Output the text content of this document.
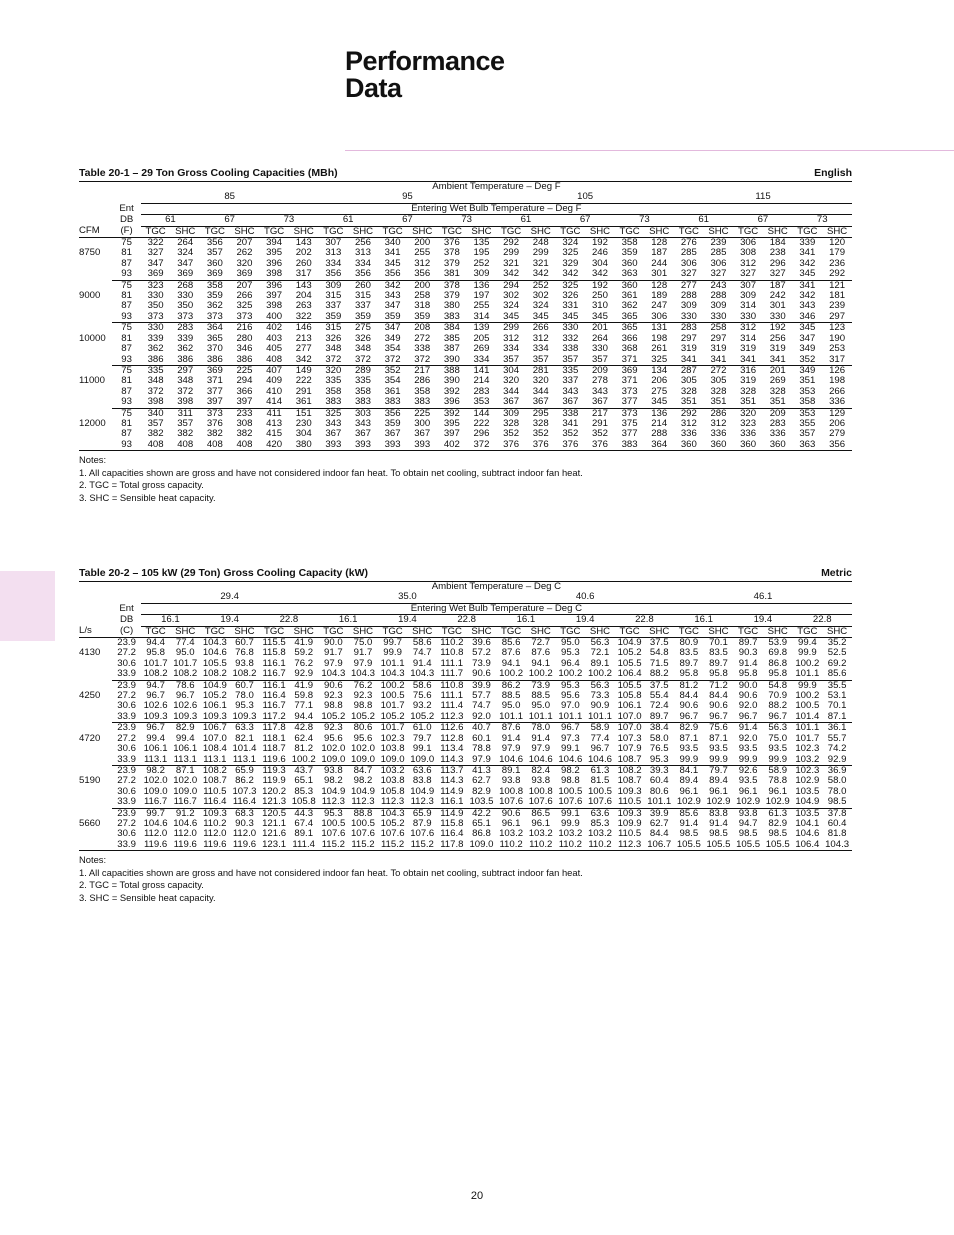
Performance
Data
Table 20-1 – 29 Ton Gross Cooling Capacities (MBh)	English
		Ambient Temperature – Deg F																							
		85						95						105						115					
	Ent	Entering Wet Bulb Temperature – Deg F																							
	DB	61		67		73		61		67		73		61		67		73		61		67		73	
CFM	(F)	TGC	SHC	TGC	SHC	TGC	SHC	TGC	SHC	TGC	SHC	TGC	SHC	TGC	SHC	TGC	SHC	TGC	SHC	TGC	SHC	TGC	SHC	TGC	SHC
	75	322	264	356	207	394	143	307	256	340	200	376	135	292	248	324	192	358	128	276	239	306	184	339	120
8750	81	327	324	357	262	395	202	313	313	341	255	378	195	299	299	325	246	359	187	285	285	308	238	341	179
	87	347	347	360	320	396	260	334	334	345	312	379	252	321	321	329	304	360	244	306	306	312	296	342	236
	93	369	369	369	369	398	317	356	356	356	356	381	309	342	342	342	342	363	301	327	327	327	327	345	292
	75	323	268	358	207	396	143	309	260	342	200	378	136	294	252	325	192	360	128	277	243	307	187	341	121
9000	81	330	330	359	266	397	204	315	315	343	258	379	197	302	302	326	250	361	189	288	288	309	242	342	181
	87	350	350	362	325	398	263	337	337	347	318	380	255	324	324	331	310	362	247	309	309	314	301	343	239
	93	373	373	373	373	400	322	359	359	359	359	383	314	345	345	345	345	365	306	330	330	330	330	346	297
	75	330	283	364	216	402	146	315	275	347	208	384	139	299	266	330	201	365	131	283	258	312	192	345	123
10000	81	339	339	365	280	403	213	326	326	349	272	385	205	312	312	332	264	366	198	297	297	314	256	347	190
	87	362	362	370	346	405	277	348	348	354	338	387	269	334	334	338	330	368	261	319	319	319	319	349	253
	93	386	386	386	386	408	342	372	372	372	372	390	334	357	357	357	357	371	325	341	341	341	341	352	317
	75	335	297	369	225	407	149	320	289	352	217	388	141	304	281	335	209	369	134	287	272	316	201	349	126
11000	81	348	348	371	294	409	222	335	335	354	286	390	214	320	320	337	278	371	206	305	305	319	269	351	198
	87	372	372	377	366	410	291	358	358	361	358	392	283	344	344	343	343	373	275	328	328	328	328	353	266
	93	398	398	397	397	414	361	383	383	383	383	396	353	367	367	367	367	377	345	351	351	351	351	358	336
	75	340	311	373	233	411	151	325	303	356	225	392	144	309	295	338	217	373	136	292	286	320	209	353	129
12000	81	357	357	376	308	413	230	343	343	359	300	395	222	328	328	341	291	375	214	312	312	323	283	355	206
	87	382	382	382	382	415	304	367	367	367	367	397	296	352	352	352	352	377	288	336	336	336	336	357	279
	93	408	408	408	408	420	380	393	393	393	393	402	372	376	376	376	376	383	364	360	360	360	360	363	356
Notes:
1. All capacities shown are gross and have not considered indoor fan heat. To obtain net cooling, subtract indoor fan heat.
2. TGC = Total gross capacity.
3. SHC = Sensible heat capacity.
Table 20-2 – 105 kW (29 Ton) Gross Cooling Capacity (kW)	Metric
		Ambient Temperature – Deg C																							
		29.4						35.0						40.6						46.1					
	Ent	Entering Wet Bulb Temperature – Deg C																							
	DB	16.1		19.4		22.8		16.1		19.4		22.8		16.1		19.4		22.8		16.1		19.4		22.8	
L/s	(C)	TGC	SHC	TGC	SHC	TGC	SHC	TGC	SHC	TGC	SHC	TGC	SHC	TGC	SHC	TGC	SHC	TGC	SHC	TGC	SHC	TGC	SHC	TGC	SHC
	23.9	94.4	77.4	104.3	60.7	115.5	41.9	90.0	75.0	99.7	58.6	110.2	39.6	85.6	72.7	95.0	56.3	104.9	37.5	80.9	70.1	89.7	53.9	99.4	35.2
4130	27.2	95.8	95.0	104.6	76.8	115.8	59.2	91.7	91.7	99.9	74.7	110.8	57.2	87.6	87.6	95.3	72.1	105.2	54.8	83.5	83.5	90.3	69.8	99.9	52.5
	30.6	101.7	101.7	105.5	93.8	116.1	76.2	97.9	97.9	101.1	91.4	111.1	73.9	94.1	94.1	96.4	89.1	105.5	71.5	89.7	89.7	91.4	86.8	100.2	69.2
	33.9	108.2	108.2	108.2	108.2	116.7	92.9	104.3	104.3	104.3	104.3	111.7	90.6	100.2	100.2	100.2	100.2	106.4	88.2	95.8	95.8	95.8	95.8	101.1	85.6
	23.9	94.7	78.6	104.9	60.7	116.1	41.9	90.6	76.2	100.2	58.6	110.8	39.9	86.2	73.9	95.3	56.3	105.5	37.5	81.2	71.2	90.0	54.8	99.9	35.5
4250	27.2	96.7	96.7	105.2	78.0	116.4	59.8	92.3	92.3	100.5	75.6	111.1	57.7	88.5	88.5	95.6	73.3	105.8	55.4	84.4	84.4	90.6	70.9	100.2	53.1
	30.6	102.6	102.6	106.1	95.3	116.7	77.1	98.8	98.8	101.7	93.2	111.4	74.7	95.0	95.0	97.0	90.9	106.1	72.4	90.6	90.6	92.0	88.2	100.5	70.1
	33.9	109.3	109.3	109.3	109.3	117.2	94.4	105.2	105.2	105.2	105.2	112.3	92.0	101.1	101.1	101.1	101.1	107.0	89.7	96.7	96.7	96.7	96.7	101.4	87.1
	23.9	96.7	82.9	106.7	63.3	117.8	42.8	92.3	80.6	101.7	61.0	112.6	40.7	87.6	78.0	96.7	58.9	107.0	38.4	82.9	75.6	91.4	56.3	101.1	36.1
4720	27.2	99.4	99.4	107.0	82.1	118.1	62.4	95.6	95.6	102.3	79.7	112.8	60.1	91.4	91.4	97.3	77.4	107.3	58.0	87.1	87.1	92.0	75.0	101.7	55.7
	30.6	106.1	106.1	108.4	101.4	118.7	81.2	102.0	102.0	103.8	99.1	113.4	78.8	97.9	97.9	99.1	96.7	107.9	76.5	93.5	93.5	93.5	93.5	102.3	74.2
	33.9	113.1	113.1	113.1	113.1	119.6	100.2	109.0	109.0	109.0	109.0	114.3	97.9	104.6	104.6	104.6	104.6	108.7	95.3	99.9	99.9	99.9	99.9	103.2	92.9
	23.9	98.2	87.1	108.2	65.9	119.3	43.7	93.8	84.7	103.2	63.6	113.7	41.3	89.1	82.4	98.2	61.3	108.2	39.3	84.1	79.7	92.6	58.9	102.3	36.9
5190	27.2	102.0	102.0	108.7	86.2	119.9	65.1	98.2	98.2	103.8	83.8	114.3	62.7	93.8	93.8	98.8	81.5	108.7	60.4	89.4	89.4	93.5	78.8	102.9	58.0
	30.6	109.0	109.0	110.5	107.3	120.2	85.3	104.9	104.9	105.8	104.9	114.9	82.9	100.8	100.8	100.5	100.5	109.3	80.6	96.1	96.1	96.1	96.1	103.5	78.0
	33.9	116.7	116.7	116.4	116.4	121.3	105.8	112.3	112.3	112.3	112.3	116.1	103.5	107.6	107.6	107.6	107.6	110.5	101.1	102.9	102.9	102.9	102.9	104.9	98.5
	23.9	99.7	91.2	109.3	68.3	120.5	44.3	95.3	88.8	104.3	65.9	114.9	42.2	90.6	86.5	99.1	63.6	109.3	39.9	85.6	83.8	93.8	61.3	103.5	37.8
5660	27.2	104.6	104.6	110.2	90.3	121.1	67.4	100.5	100.5	105.2	87.9	115.8	65.1	96.1	96.1	99.9	85.3	109.9	62.7	91.4	91.4	94.7	82.9	104.1	60.4
	30.6	112.0	112.0	112.0	112.0	121.6	89.1	107.6	107.6	107.6	107.6	116.4	86.8	103.2	103.2	103.2	103.2	110.5	84.4	98.5	98.5	98.5	98.5	104.6	81.8
	33.9	119.6	119.6	119.6	119.6	123.1	111.4	115.2	115.2	115.2	115.2	117.8	109.0	110.2	110.2	110.2	110.2	112.3	106.7	105.5	105.5	105.5	105.5	106.4	104.3
Notes:
1. All capacities shown are gross and have not considered indoor fan heat. To obtain net cooling, subtract indoor fan heat.
2. TGC = Total gross capacity.
3. SHC = Sensible heat capacity.
20
